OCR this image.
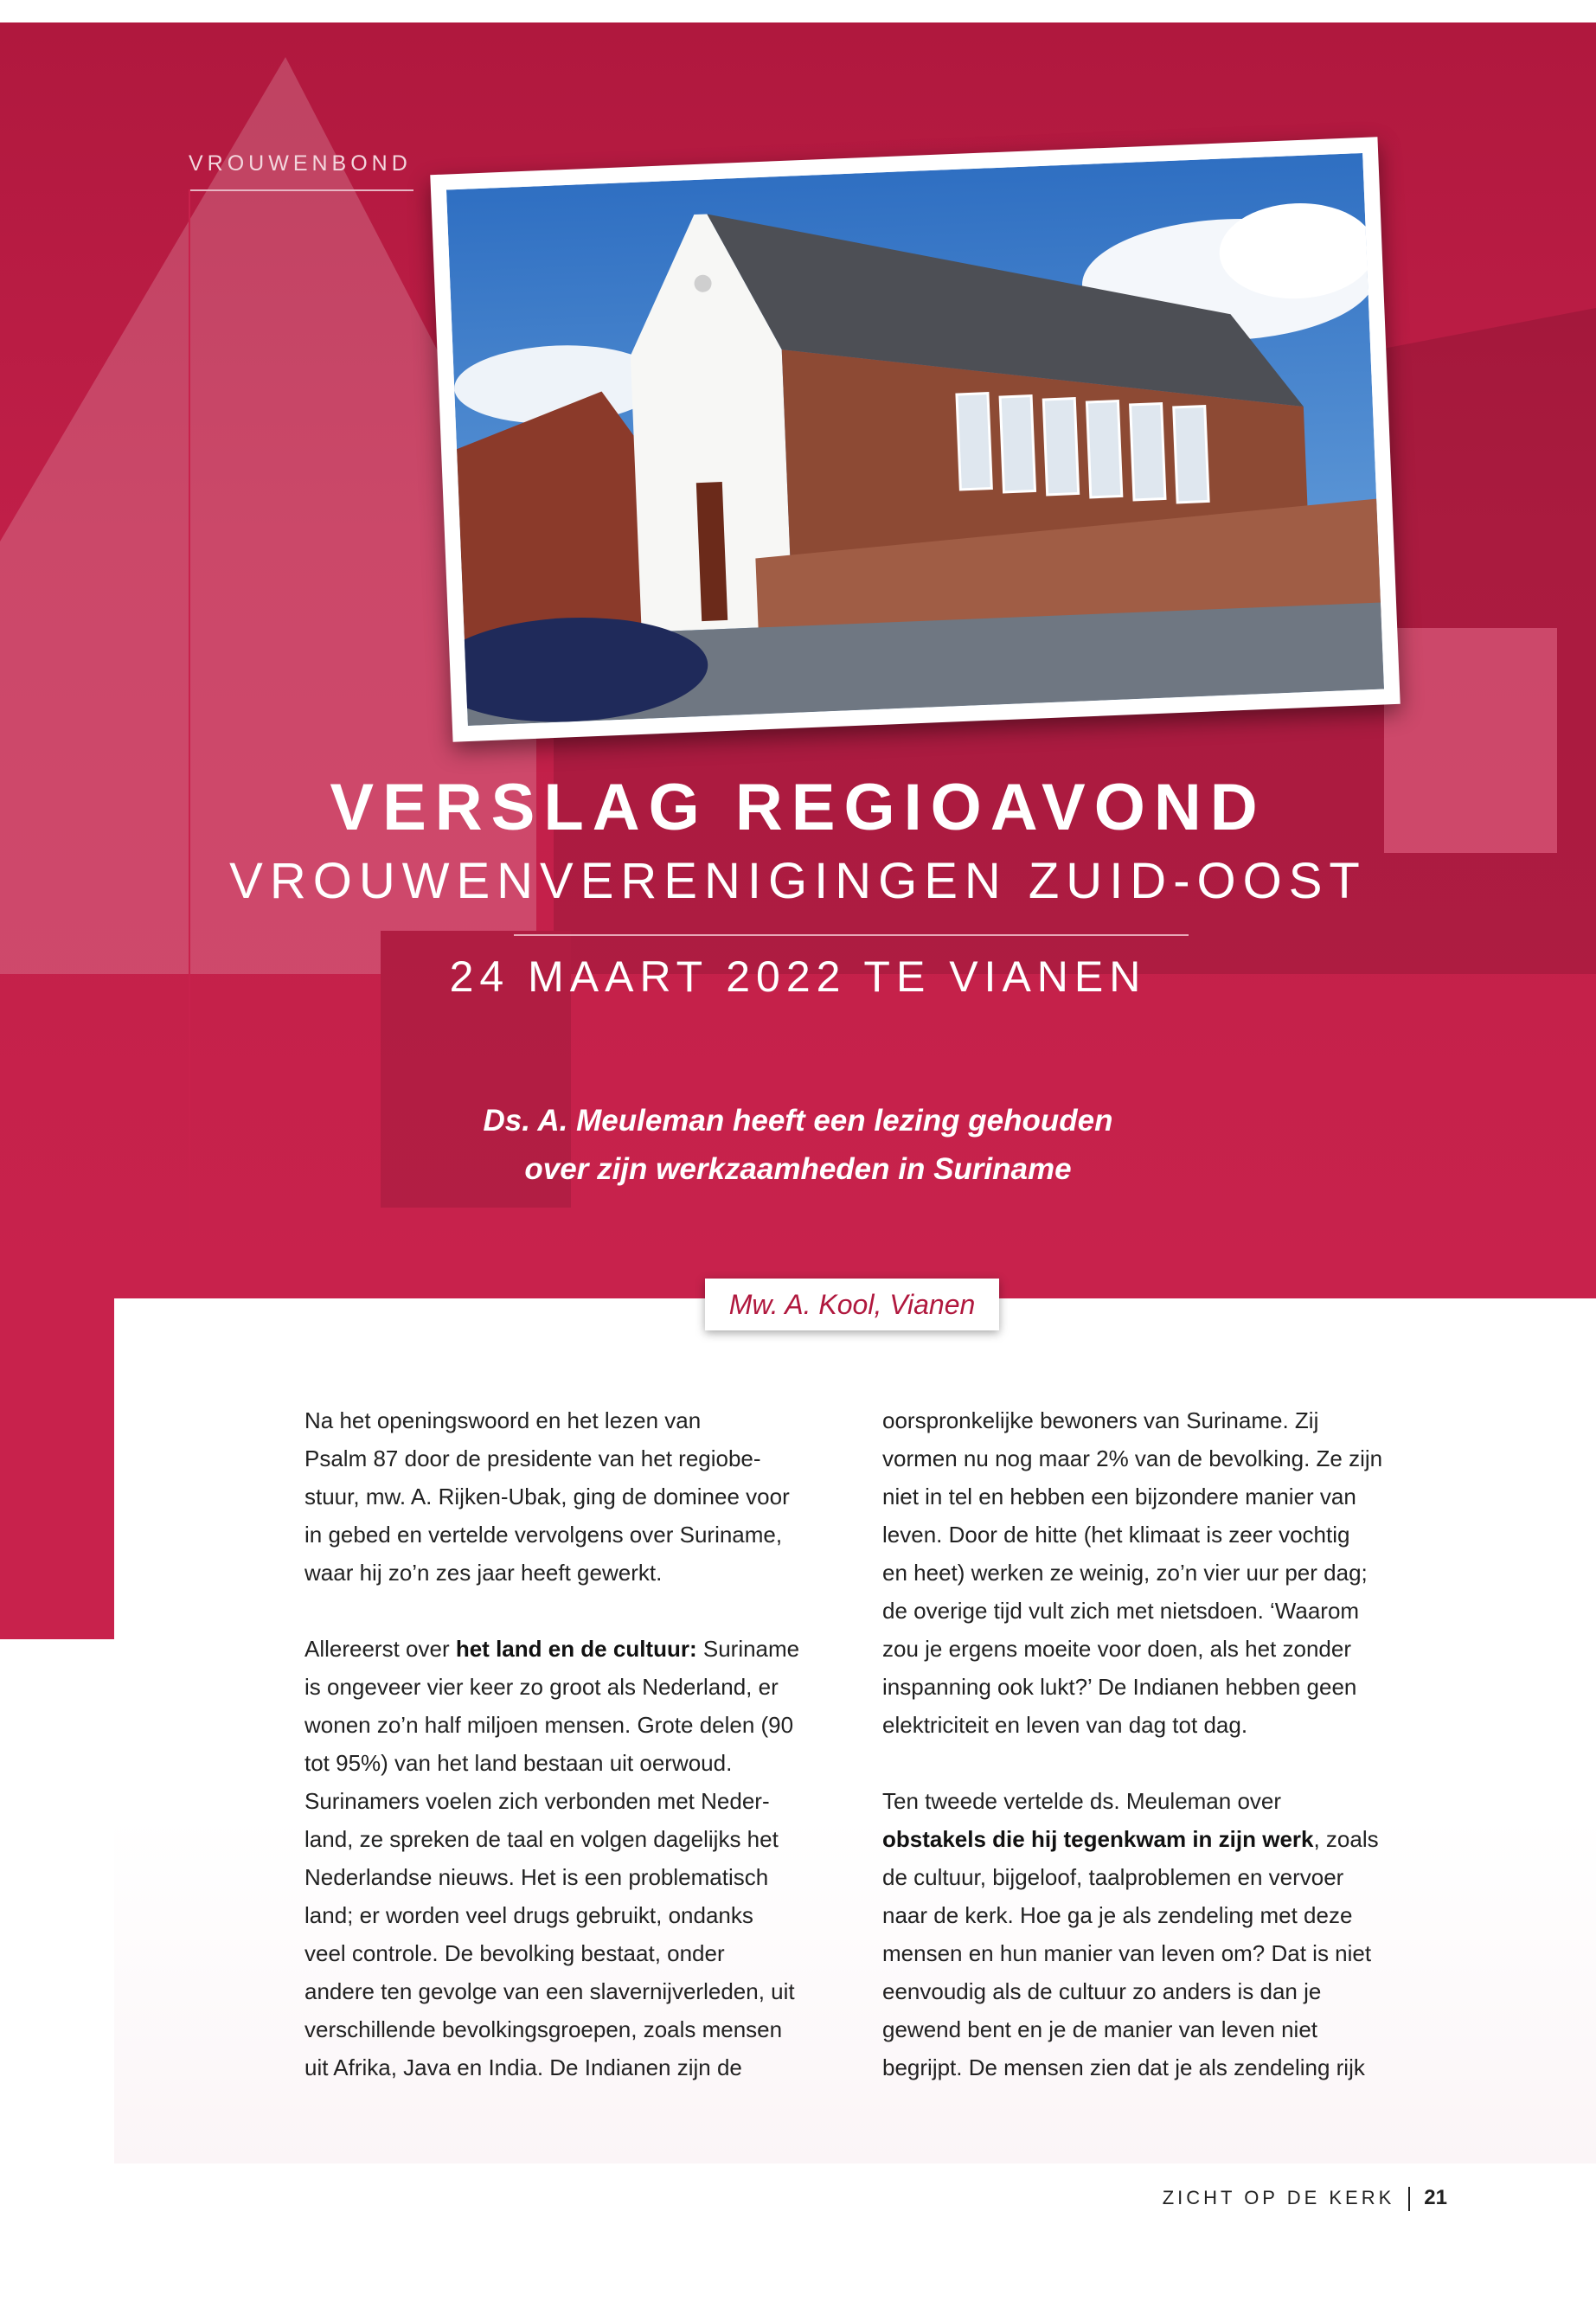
VROUWENBOND
VERSLAG REGIOAVOND
VROUWENVERENIGINGEN ZUID-OOST
24 MAART 2022 TE VIANEN
Ds. A. Meuleman heeft een lezing gehouden
over zijn werkzaamheden in Suriname
Mw. A. Kool, Vianen

Na het openingswoord en het lezen van
Psalm 87 door de presidente van het regiobe-
stuur, mw. A. Rijken-Ubak, ging de dominee voor
in gebed en vertelde vervolgens over Suriname,
waar hij zo’n zes jaar heeft gewerkt.

Allereerst over het land en de cultuur: Suriname
is ongeveer vier keer zo groot als Nederland, er
wonen zo’n half miljoen mensen. Grote delen (90
tot 95%) van het land bestaan uit oerwoud.
Surinamers voelen zich verbonden met Neder-
land, ze spreken de taal en volgen dagelijks het
Nederlandse nieuws. Het is een problematisch
land; er worden veel drugs gebruikt, ondanks
veel controle. De bevolking bestaat, onder
andere ten gevolge van een slavernijverleden, uit
verschillende bevolkingsgroepen, zoals mensen
uit Afrika, Java en India. De Indianen zijn de

oorspronkelijke bewoners van Suriname. Zij
vormen nu nog maar 2% van de bevolking. Ze zijn
niet in tel en hebben een bijzondere manier van
leven. Door de hitte (het klimaat is zeer vochtig
en heet) werken ze weinig, zo’n vier uur per dag;
de overige tijd vult zich met nietsdoen. ‘Waarom
zou je ergens moeite voor doen, als het zonder
inspanning ook lukt?’ De Indianen hebben geen
elektriciteit en leven van dag tot dag.

Ten tweede vertelde ds. Meuleman over
obstakels die hij tegenkwam in zijn werk, zoals
de cultuur, bijgeloof, taalproblemen en vervoer
naar de kerk. Hoe ga je als zendeling met deze
mensen en hun manier van leven om? Dat is niet
eenvoudig als de cultuur zo anders is dan je
gewend bent en je de manier van leven niet
begrijpt. De mensen zien dat je als zendeling rijk

ZICHT OP DE KERK 21
